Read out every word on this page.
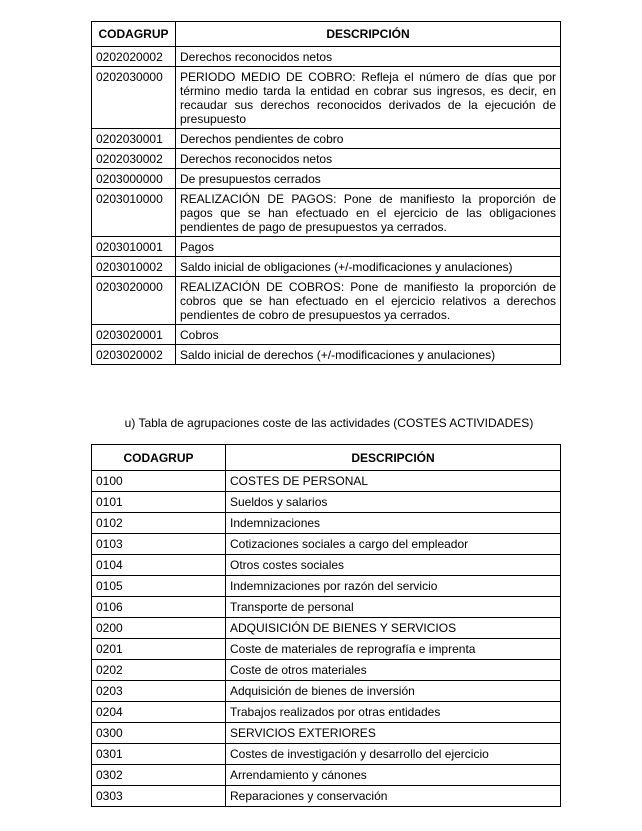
CODAGRUP	DESCRIPCIÓN
0202020002	Derechos reconocidos netos
0202030000	PERIODO MEDIO DE COBRO: Refleja el número de días que por término medio tarda la entidad en cobrar sus ingresos, es decir, en recaudar sus derechos reconocidos derivados de la ejecución de presupuesto
0202030001	Derechos pendientes de cobro
0202030002	Derechos reconocidos netos
0203000000	De presupuestos cerrados
0203010000	REALIZACIÓN DE PAGOS: Pone de manifiesto la proporción de pagos que se han efectuado en el ejercicio de las obligaciones pendientes de pago de presupuestos ya cerrados.
0203010001	Pagos
0203010002	Saldo inicial de obligaciones (+/-modificaciones y anulaciones)
0203020000	REALIZACIÓN DE COBROS: Pone de manifiesto la proporción de cobros que se han efectuado en el ejercicio relativos a derechos pendientes de cobro de presupuestos ya cerrados.
0203020001	Cobros
0203020002	Saldo inicial de derechos (+/-modificaciones y anulaciones)
u) Tabla de agrupaciones coste de las actividades (COSTES ACTIVIDADES)
CODAGRUP	DESCRIPCIÓN
0100	COSTES DE PERSONAL
0101	Sueldos y salarios
0102	Indemnizaciones
0103	Cotizaciones sociales a cargo del empleador
0104	Otros costes sociales
0105	Indemnizaciones por razón del servicio
0106	Transporte de personal
0200	ADQUISICIÓN DE BIENES Y SERVICIOS
0201	Coste de materiales de reprografía e imprenta
0202	Coste de otros materiales
0203	Adquisición de bienes de inversión
0204	Trabajos realizados por otras entidades
0300	SERVICIOS EXTERIORES
0301	Costes de investigación y desarrollo del ejercicio
0302	Arrendamiento y cánones
0303	Reparaciones y conservación
